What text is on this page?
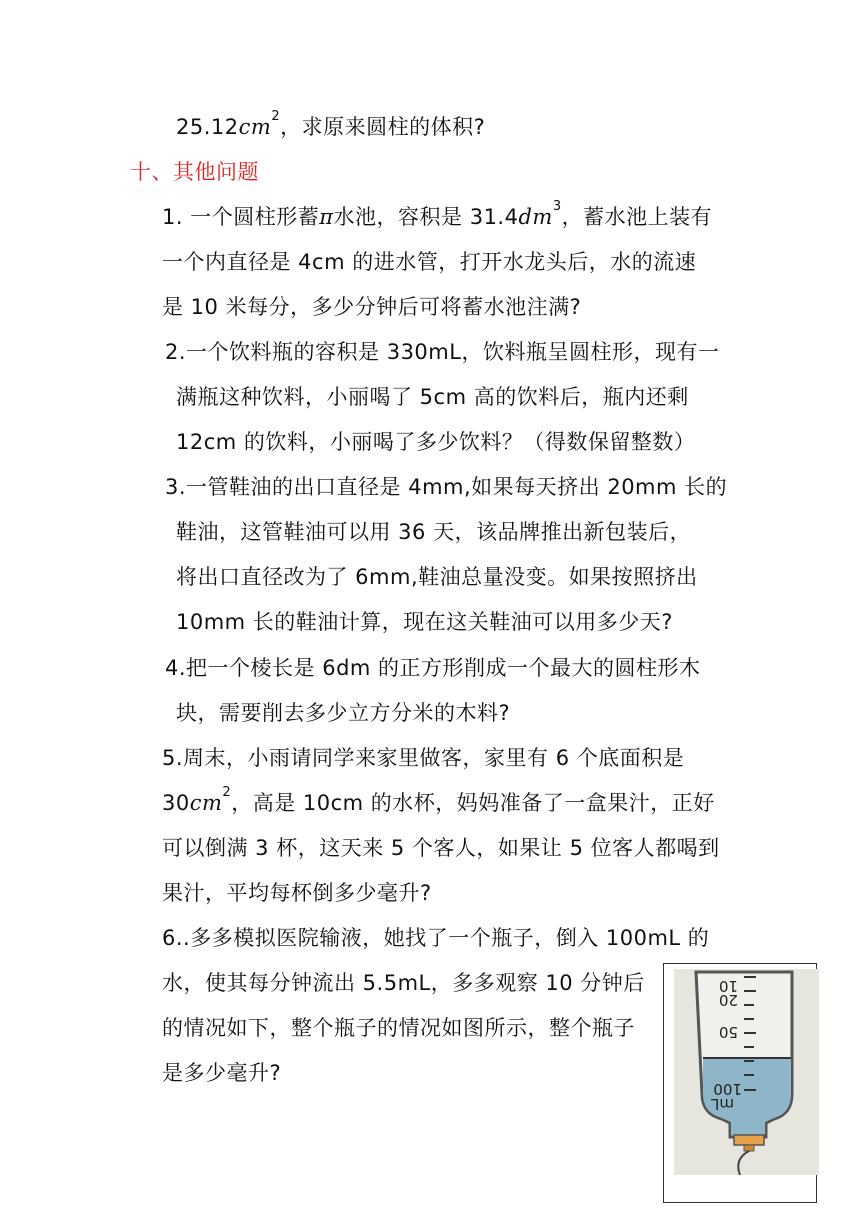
$25.12cm^2$，求原来圆柱的体积?
十、其他问题
1. 一个圆柱形蓄π水池，容积是 $31.4dm^3$，蓄水池上装有
一个内直径是 4cm 的进水管，打开水龙头后，水的流速
是 10 米每分，多少分钟后可将蓄水池注满?
2.一个饮料瓶的容积是 330mL，饮料瓶呈圆柱形，现有一
满瓶这种饮料，小丽喝了 5cm 高的饮料后，瓶内还剩
12cm 的饮料，小丽喝了多少饮料？（得数保留整数）
3.一管鞋油的出口直径是 4mm,如果每天挤出 20mm 长的
鞋油，这管鞋油可以用 36 天，该品牌推出新包装后，
将出口直径改为了 6mm,鞋油总量没变。如果按照挤出
10mm 长的鞋油计算，现在这关鞋油可以用多少天?
4.把一个棱长是 6dm 的正方形削成一个最大的圆柱形木
块，需要削去多少立方分米的木料?
5.周末，小雨请同学来家里做客，家里有 6 个底面积是
$30cm^2$，高是 10cm 的水杯，妈妈准备了一盒果汁，正好
可以倒满 3 杯，这天来 5 个客人，如果让 5 位客人都喝到
果汁，平均每杯倒多少毫升?
6..多多模拟医院输液，她找了一个瓶子，倒入 100mL 的
水，使其每分钟流出 5.5mL，多多观察 10 分钟后
的情况如下，整个瓶子的情况如图所示，整个瓶子
是多少毫升?
10
20
50
100
mL
